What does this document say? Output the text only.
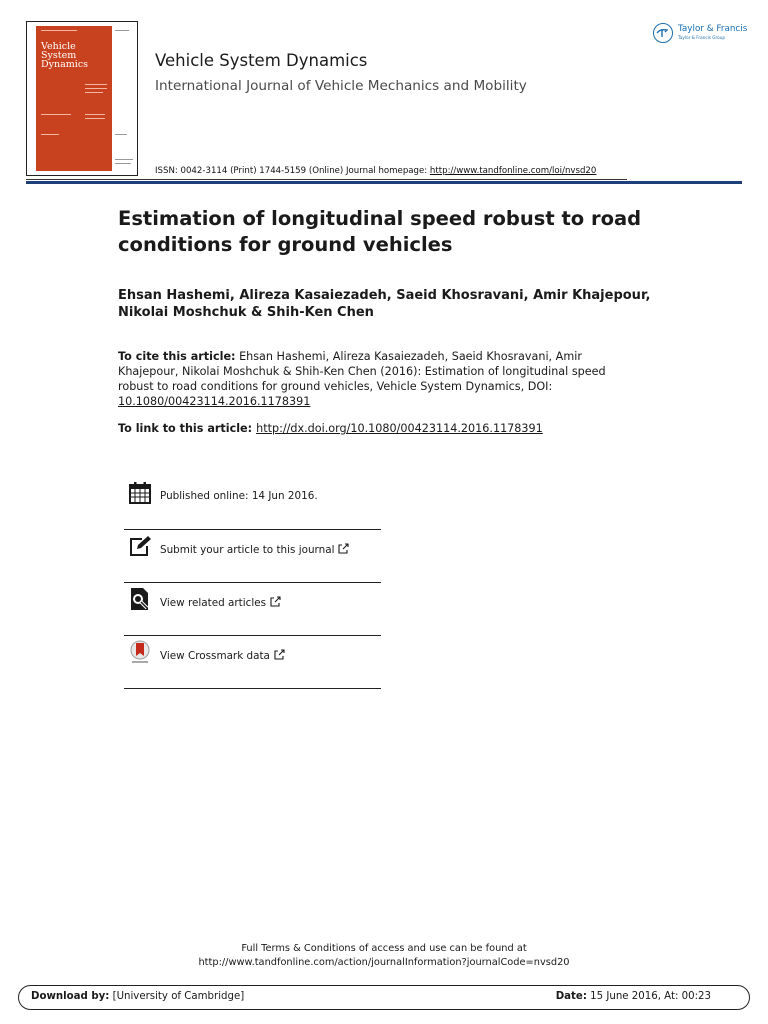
Vehicle
System
Dynamics	Vehicle System Dynamics
International Journal of Vehicle Mechanics and Mobility
ISSN: 0042-3114 (Print) 1744-5159 (Online) Journal homepage: http://www.tandfonline.com/loi/nvsd20
Taylor & Francis
Taylor & Francis Group
Estimation of longitudinal speed robust to road conditions for ground vehicles
Ehsan Hashemi, Alireza Kasaiezadeh, Saeid Khosravani, Amir Khajepour, Nikolai Moshchuk & Shih-Ken Chen
To cite this article: Ehsan Hashemi, Alireza Kasaiezadeh, Saeid Khosravani, Amir Khajepour, Nikolai Moshchuk & Shih-Ken Chen (2016): Estimation of longitudinal speed robust to road conditions for ground vehicles, Vehicle System Dynamics, DOI: 10.1080/00423114.2016.1178391
To link to this article: http://dx.doi.org/10.1080/00423114.2016.1178391
Published online: 14 Jun 2016.
Submit your article to this journal
View related articles
View Crossmark data
Full Terms & Conditions of access and use can be found at
http://www.tandfonline.com/action/journalInformation?journalCode=nvsd20
Download by: [University of Cambridge]	Date: 15 June 2016, At: 00:23
